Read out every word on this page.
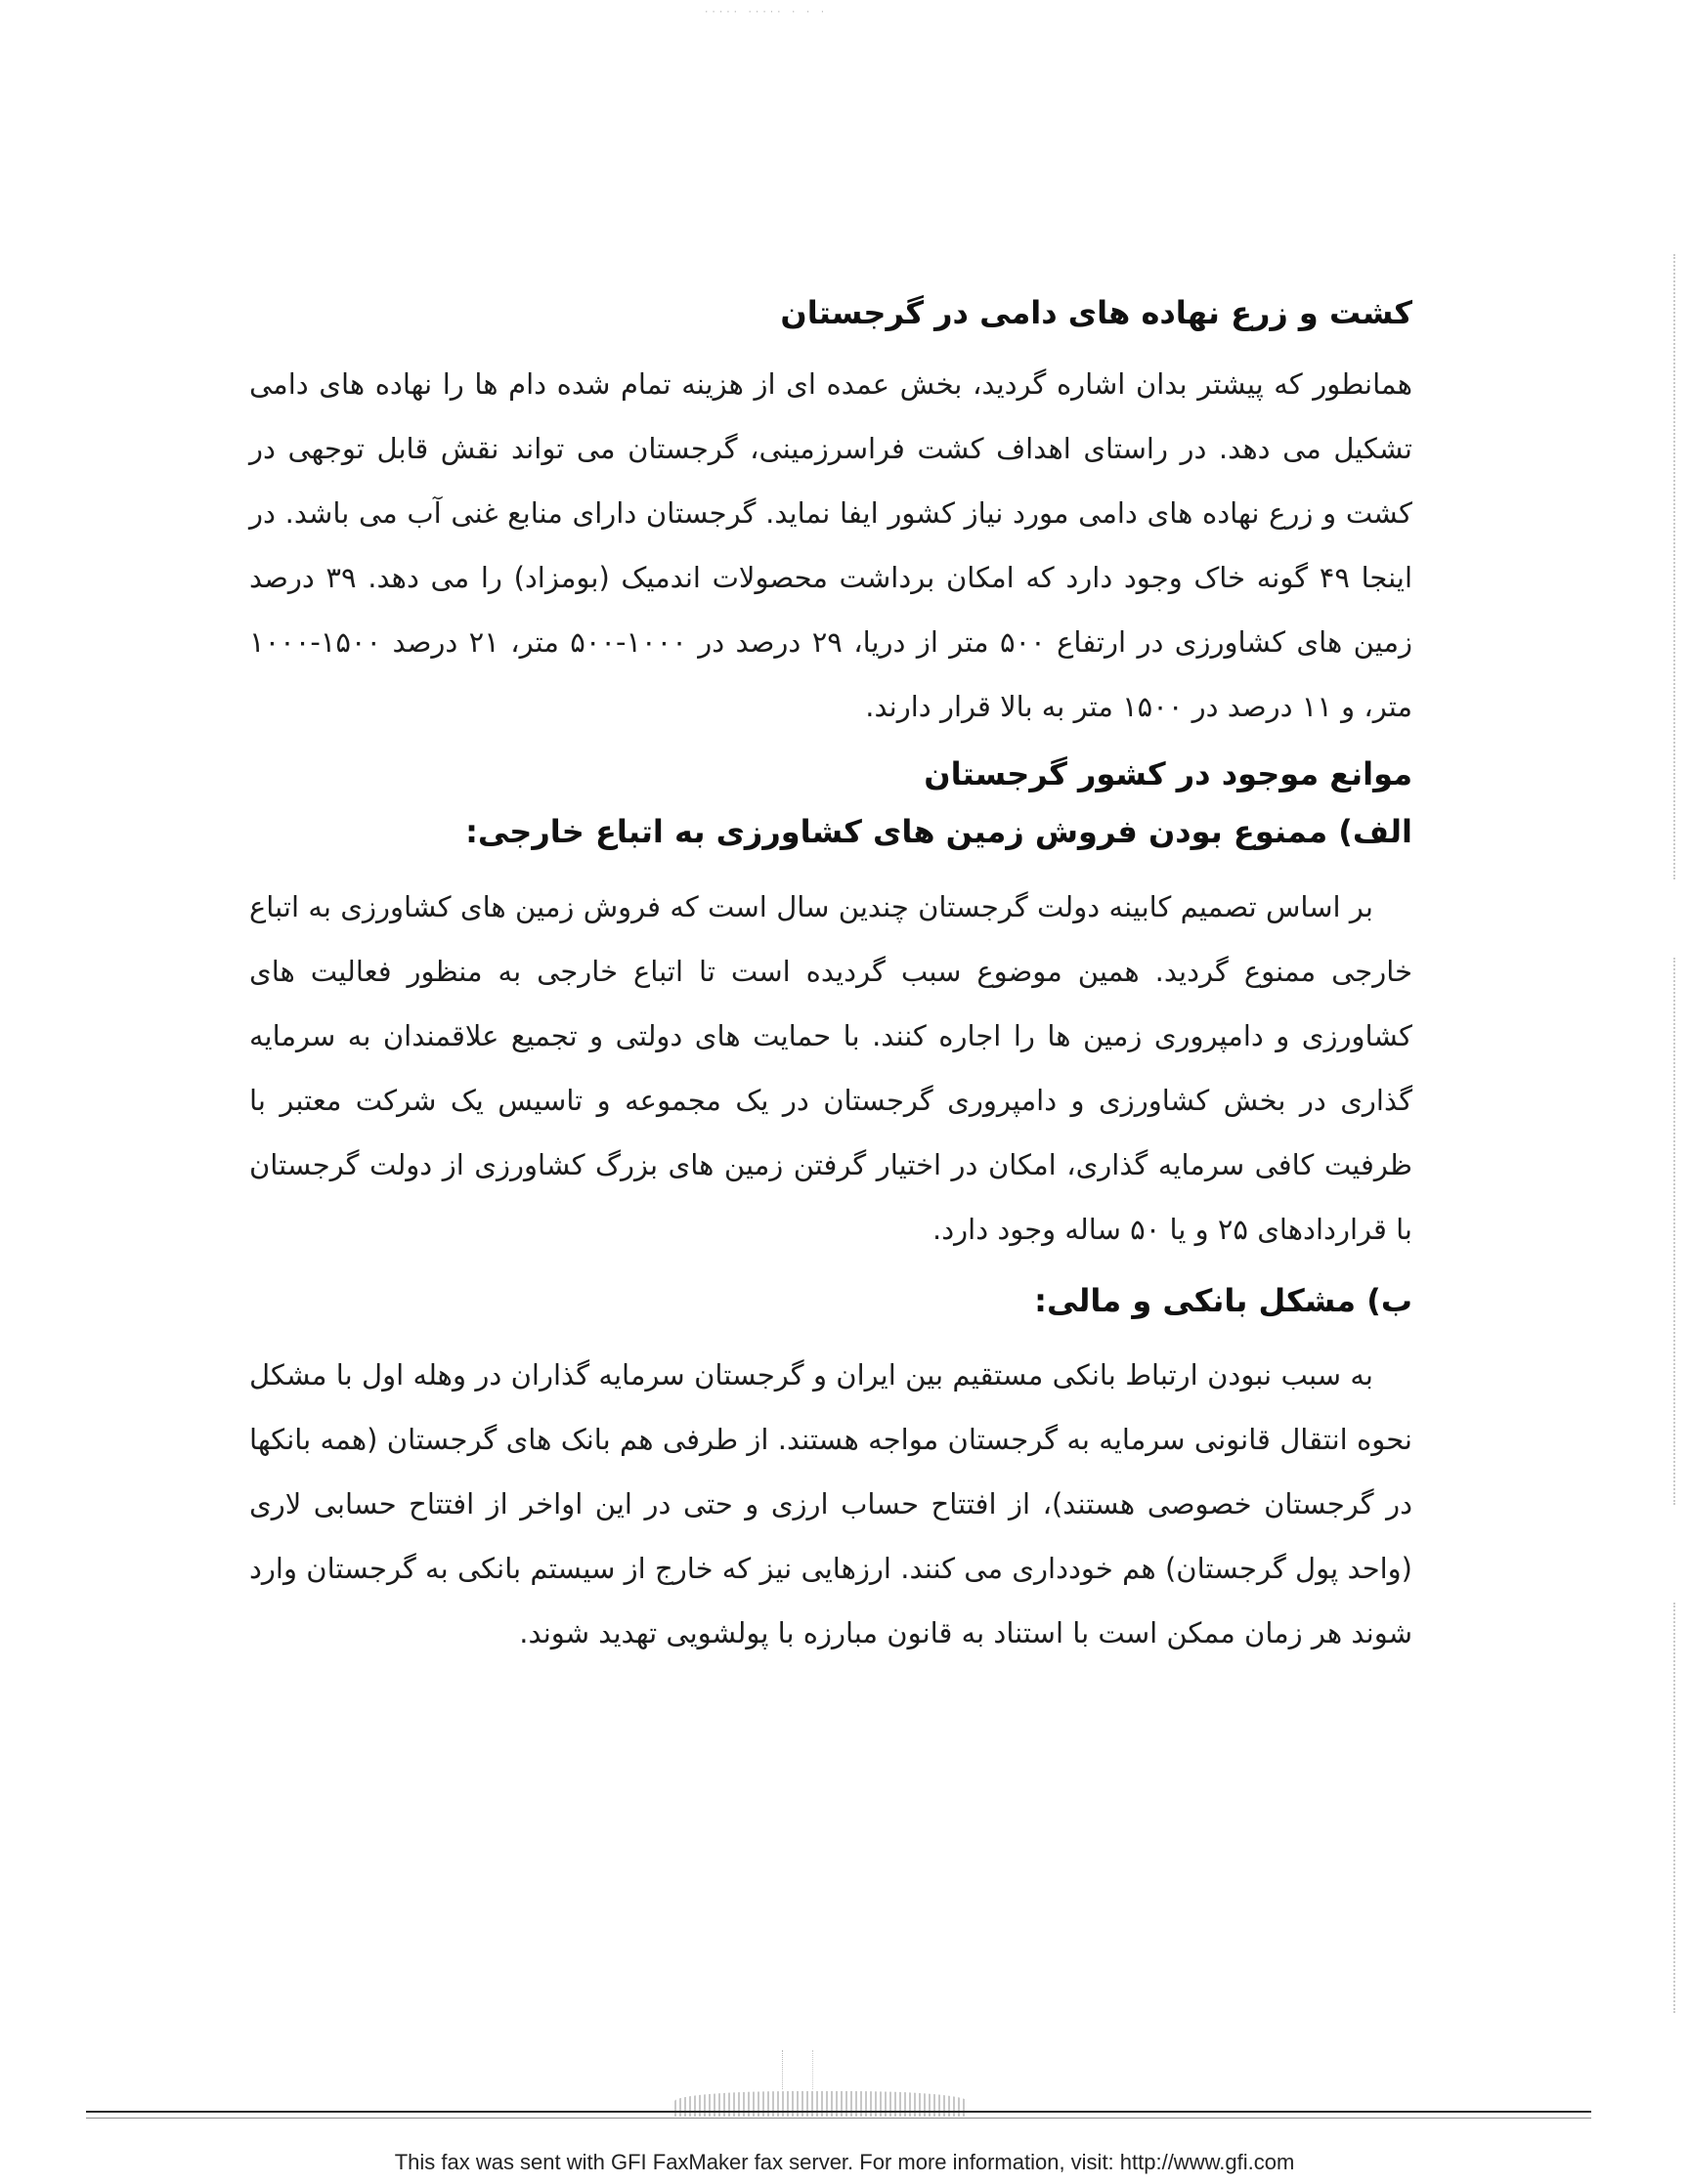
····· ····· · · ·
کشت و زرع نهاده های دامی در گرجستان

همانطور که پیشتر بدان اشاره گردید، بخش عمده ای از هزینه تمام شده دام ها را نهاده های دامی تشکیل می دهد. در راستای اهداف کشت فراسرزمینی، گرجستان می تواند نقش قابل توجهی در کشت و زرع نهاده های دامی مورد نیاز کشور ایفا نماید. گرجستان دارای منابع غنی آب می باشد. در اینجا ۴۹ گونه خاک وجود دارد که امکان برداشت محصولات اندمیک (بومزاد) را می دهد. ۳۹ درصد زمین های کشاورزی در ارتفاع ۵۰۰ متر از دریا، ۲۹ درصد در ۱۰۰۰-۵۰۰ متر، ۲۱ درصد ۱۵۰۰-۱۰۰۰ متر، و ۱۱ درصد در ۱۵۰۰ متر به بالا قرار دارند.

موانع موجود در کشور گرجستان
الف) ممنوع بودن فروش زمین های کشاورزی به اتباع خارجی:

بر اساس تصمیم کابینه دولت گرجستان چندین سال است که فروش زمین های کشاورزی به اتباع خارجی ممنوع گردید. همین موضوع سبب گردیده است تا اتباع خارجی به منظور فعالیت های کشاورزی و دامپروری زمین ها را اجاره کنند. با حمایت های دولتی و تجمیع علاقمندان به سرمایه گذاری در بخش کشاورزی و دامپروری گرجستان در یک مجموعه و تاسیس یک شرکت معتبر با ظرفیت کافی سرمایه گذاری، امکان در اختیار گرفتن زمین های بزرگ کشاورزی از دولت گرجستان با قراردادهای ۲۵ و یا ۵۰ ساله وجود دارد.

ب) مشکل بانکی و مالی:

به سبب نبودن ارتباط بانکی مستقیم بین ایران و گرجستان سرمایه گذاران در وهله اول با مشکل نحوه انتقال قانونی سرمایه به گرجستان مواجه هستند. از طرفی هم بانک های گرجستان (همه بانکها در گرجستان خصوصی هستند)، از افتتاح حساب ارزی و حتی در این اواخر از افتتاح حسابی لاری (واحد پول گرجستان) هم خودداری می کنند. ارزهایی نیز که خارج از سیستم بانکی به گرجستان وارد شوند هر زمان ممکن است با استناد به قانون مبارزه با پولشویی تهدید شوند.

This fax was sent with GFI FaxMaker fax server. For more information, visit: http://www.gfi.com
